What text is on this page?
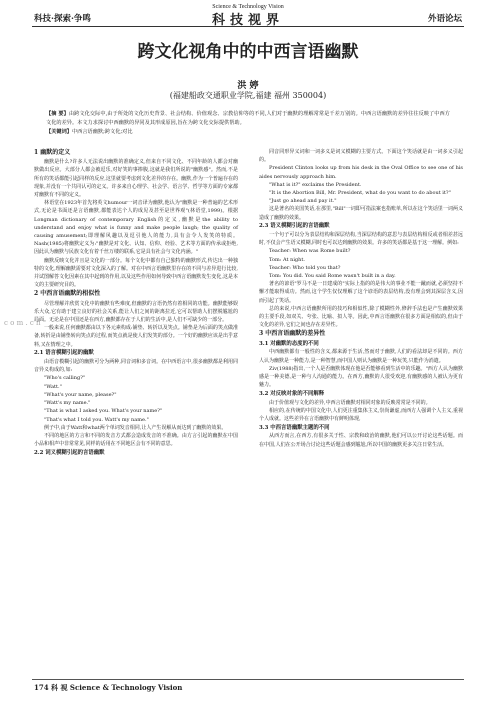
Science & Technology Vision
科技·探索·争鸣	科技视界	外语论坛
跨文化视角中的中西言语幽默
洪 婷
(福建船政交通职业学院,福建 福州 350004)
【摘 要】由跨文化交际中,由于所处的文化历史背景、社会结构、价值观念、宗教信仰等的不同,人们对于幽默的理解常常是千差万别的。中西言语幽默的差异往往反映了中西方文化的差异。本文力求探讨中西幽默的异同及其形成原因,旨在为跨文化交际提供帮助。
【关键词】中西言语幽默;跨文化;对比

1 幽默的定义

幽默是什么?许多人无法说出幽默的准确定义,但来自不同文化、不同年龄的人都会对幽默做出反应。大部分人都会被逗乐,对好笑的事捧腹,这就是我们所说的"幽默感"。然而,不是所有的笑话都能引起同样的反应,这里就要考虑到文化差异的存在。幽默,作为一个普遍存在的现象,并没有一个共同认可的定义。许多来自心理学、社会学、语言学、哲学等方面的专家都对幽默有不同的定义。

林语堂在1923年首先将英文humour一词音译为幽默,他认为"幽默是一种普遍的艺术形式,无论是书面还是言语幽默,都能表达个人的成见及甚至是世界观"(林语堂,1999)。根据Longman dictionary of contemporary English的定义,幽默是the ability to understand and enjoy what is funny and make people laugh; the quality of causing amusement;即理解风趣以及逗引他人的能力,具有会令人发笑的特质。Nash(1985)将幽默定义为:"幽默是对文化、认知、信仰、经验、艺术等方面的传承或拒绝,因此认为幽默与民族文化有着千丝万缕的联系,它是具有社会与文化内涵。"

幽默反映文化并且是文化的一部分。每个文化中都有自己独特的幽默形式,传达出一种独特的文化,理解幽默需要对文化深入的了解。对在中西言语幽默里存在的不同与差异进行比较,并试图解答文化因素在其中起到的作用,以及这些作用如何导致中西言语幽默发生变化,这是本文的主要研究目的。

2 中西言语幽默的相似性

尽管理解并欣赏文化中的幽默有些难度,但幽默的言语仍然有着相同的功能。幽默能够娱乐大众,它有助于建立良好的社会关系,能让人们之间的距离拉近,它可以帮助人们摆脱尴尬的局面。无论是在中国还是在西方,幽默都存在于人们的生活中,是人们不可缺少的一部分。

一般来说,任何幽默都由以下各元素构成:铺垫、转折以及笑点。铺垫是为后面的笑点做准备,转折是由铺垫转向笑点的过程,而笑点就是使人们发笑的部分。一个好的幽默应该是出乎意料,又在情理之中。

2.1 语言模糊引起的幽默

由语音模糊引起的幽默可分为两种,同音词和多音词。在中西语言中,很多幽默都是利用同音异义构成的,如:

"Who's calling?"

"Watt."

"What's your name, please?"

"Watt's my name."

"That is what I asked you. What's your name?"

"That's what I told you. Watt's my name."

例子中,由于Watt和what两个单词发音相同,让人产生误解从而达到了幽默的效果。

不同的地区的方言和不同的发音方式都会造成发音的不准确。由方言引起的幽默在中国小品和相声中非常常见,同样的话用在不同地区会有不同的意思。

2.2 词义模糊引起的言语幽默

同音同形异义词和一词多义是词义模糊的主要方式。下面这个笑话就是由一词多义引起的。

President Clinton looks up from his desk in the Oval Office to see one of his aides nervously approach him.

"What is it?" exclaims the President.

"It is the Abortion Bill, Mr. President, what do you want to do about it?"

"Just go ahead and pay it."

这是著名的美国笑话,在那里,"Bill"一词即可指法案也指账单,所以在这个笑话里一词两义造成了幽默的效果。

2.3 语义模糊引起的言语幽默

一个句子可以分为表层结构和深层结构,当深层结构的意思与表层结构相反或者相差甚远时,不仅会产生语义模糊,同时也可以达到幽默的效果。许多的笑话都是基于这一理解。例如:

Teacher: When was Rome built?

Tom: At night.

Teacher: Who told you that?

Tom: You did. You said Rome wasn't built in a day.

著名的谚语"罗马不是一日建成的"实际上指的的是伟大的事业不能一蹴而就,必须坚持不懈才能取得成功。然而,这个学生仅仅理解了这个谚语的表层结构,没有理会到其深层含义,因而引起了笑话。

总的来说,中西言语幽默所用的技巧和相似性,除了模糊性外,修辞手法也是产生幽默效果的主要手段,如双关、夸张、比喻、拟人等。因此,中西言语幽默在很多方面是相似的,但由于文化的差异,它们之间也存在差异性。

3 中西言语幽默的差异性

3.1 对幽默的态度的不同

中西幽默都有一般性的含义,都来源于生活,然而对于幽默,人们的看法却是不同的。西方人认为幽默是一种能力,是一种智慧,而中国人则认为幽默是一种玩笑,只能作为消遣。

Ziv(1988)指出,一个人是否幽默体现在他是否能够看到生活中的乐趣。"西方人认为幽默感是一种美德,是一种与人沟通的能力。在西方,幽默的人很受欢迎,有幽默感的人被认为更有魅力。

3.2 对反映对象的不同解释

由于价值观与文化的差异,中西言语幽默对相同对象的反映常常是不同的。

相应的,在传统的中国文化中,人们更注重集体主义,崇尚谦虚,而西方人强调个人主义,重视个人成就。这些差异在言语幽默中有鲜明体现,

3.3 中西言语幽默主题的不同

从西方而言,在西方,有很多关于性、宗教和政治的幽默,他们可以公开讨论这些话题。而在中国,人们在公开场合讨论这些话题会感到尴尬,所以中国的幽默更多关注日常生活。

c o m . c n
174 科 视 Science & Technology Vision
